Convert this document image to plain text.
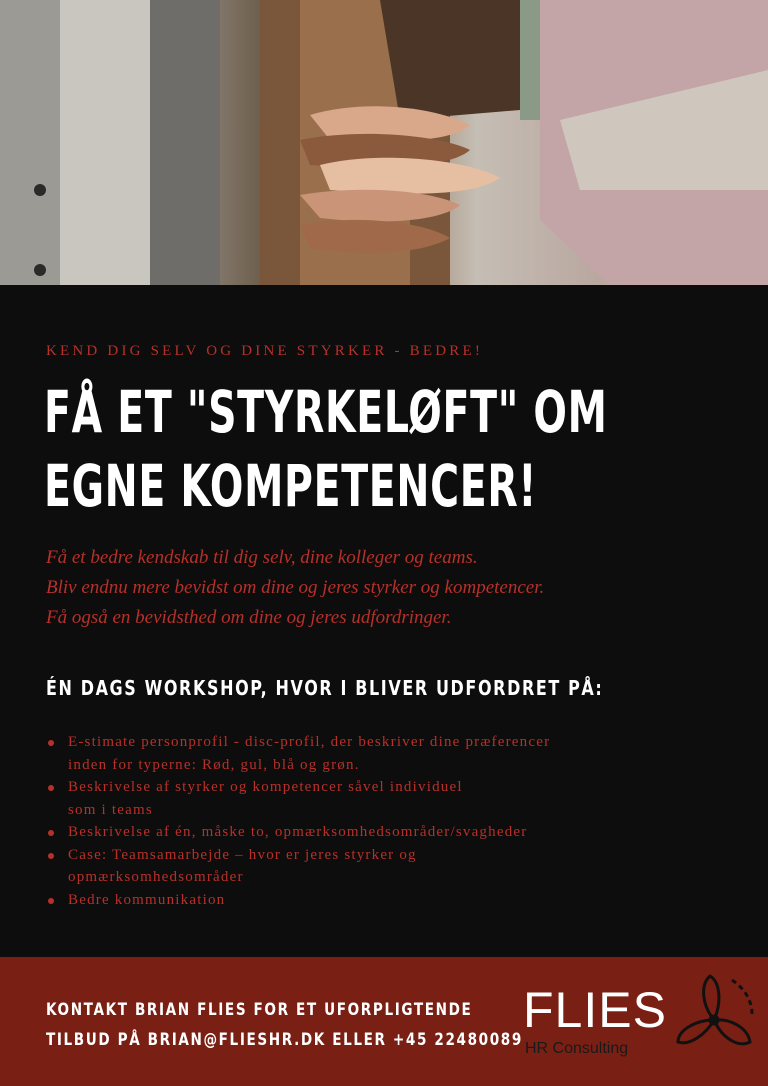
KEND DIG SELV OG DINE STYRKER - BEDRE!
FÅ ET "STYRKELØFT" OM
EGNE KOMPETENCER!
Få et bedre kendskab til dig selv, dine kolleger og teams.
Bliv endnu mere bevidst om dine og jeres styrker og kompetencer.
Få også en bevidsthed om dine og jeres udfordringer.
ÉN DAGS WORKSHOP, HVOR I BLIVER UDFORDRET PÅ:
E-stimate personprofil - disc-profil, der beskriver dine præferencer
inden for typerne: Rød, gul, blå og grøn.
Beskrivelse af styrker og kompetencer såvel individuel
som i teams
Beskrivelse af én, måske to, opmærksomhedsområder/svagheder
Case: Teamsamarbejde – hvor er jeres styrker og
opmærksomhedsområder
Bedre kommunikation
KONTAKT BRIAN FLIES FOR ET UFORPLIGTENDE
TILBUD PÅ BRIAN@FLIESHR.DK ELLER +45 22480089
FLIES
HR Consulting
